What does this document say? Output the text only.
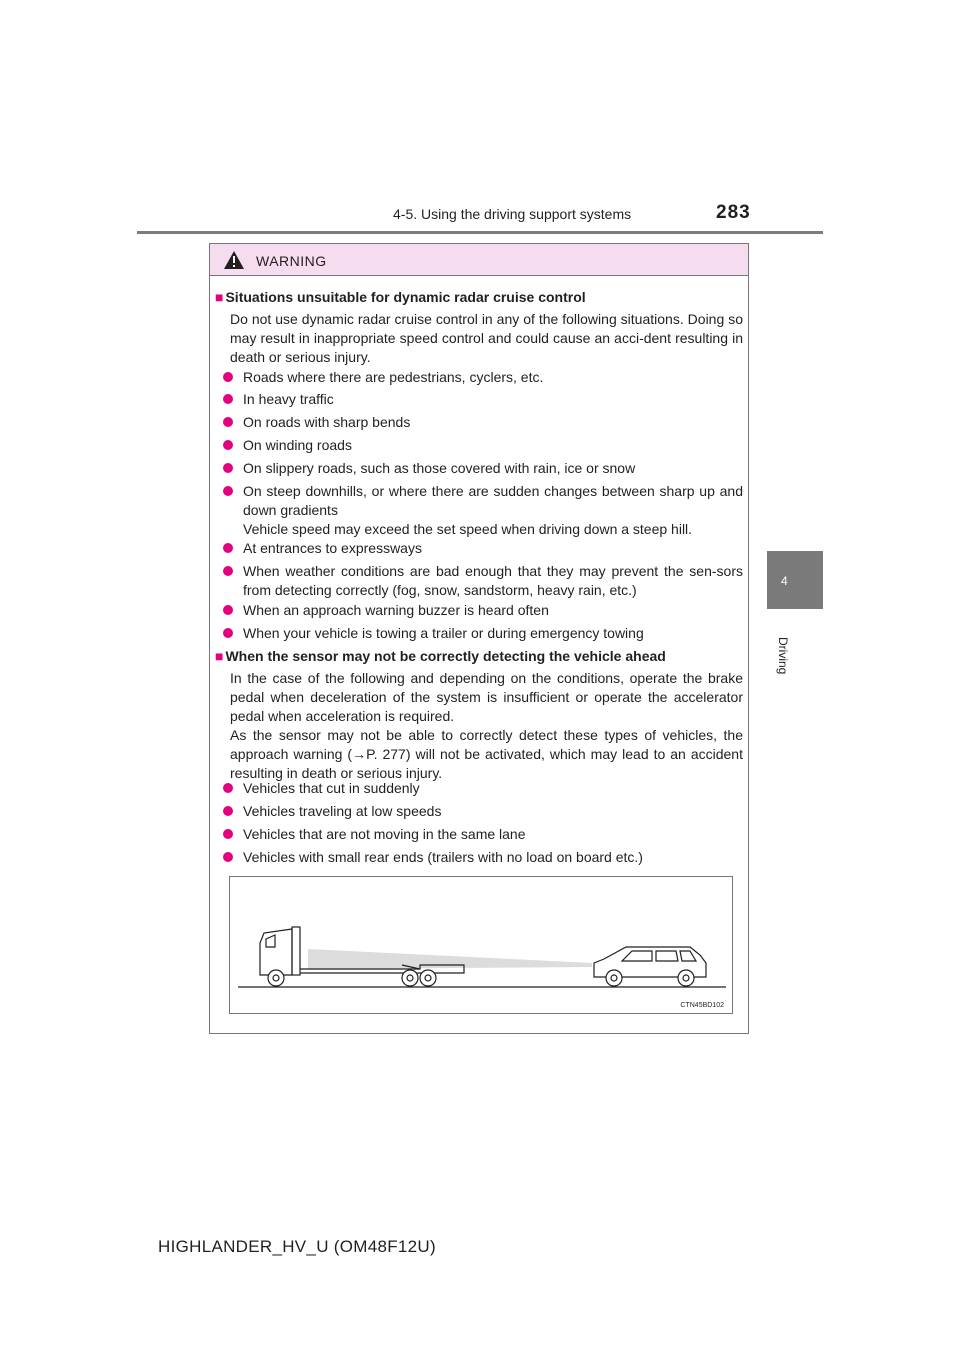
4-5. Using the driving support systems	283
4
Driving
WARNING
■ Situations unsuitable for dynamic radar cruise control

Do not use dynamic radar cruise control in any of the following situations. Doing so may result in inappropriate speed control and could cause an acci-dent resulting in death or serious injury.

Roads where there are pedestrians, cyclers, etc.
In heavy traffic
On roads with sharp bends
On winding roads
On slippery roads, such as those covered with rain, ice or snow
On steep downhills, or where there are sudden changes between sharp up and down gradients
Vehicle speed may exceed the set speed when driving down a steep hill.
At entrances to expressways
When weather conditions are bad enough that they may prevent the sen-sors from detecting correctly (fog, snow, sandstorm, heavy rain, etc.)
When an approach warning buzzer is heard often
When your vehicle is towing a trailer or during emergency towing
■ When the sensor may not be correctly detecting the vehicle ahead

In the case of the following and depending on the conditions, operate the brake pedal when deceleration of the system is insufficient or operate the accelerator pedal when acceleration is required.

As the sensor may not be able to correctly detect these types of vehicles, the approach warning (→P. 277) will not be activated, which may lead to an accident resulting in death or serious injury.

Vehicles that cut in suddenly
Vehicles traveling at low speeds
Vehicles that are not moving in the same lane
Vehicles with small rear ends (trailers with no load on board etc.)
CTN45BD102
HIGHLANDER_HV_U (OM48F12U)
